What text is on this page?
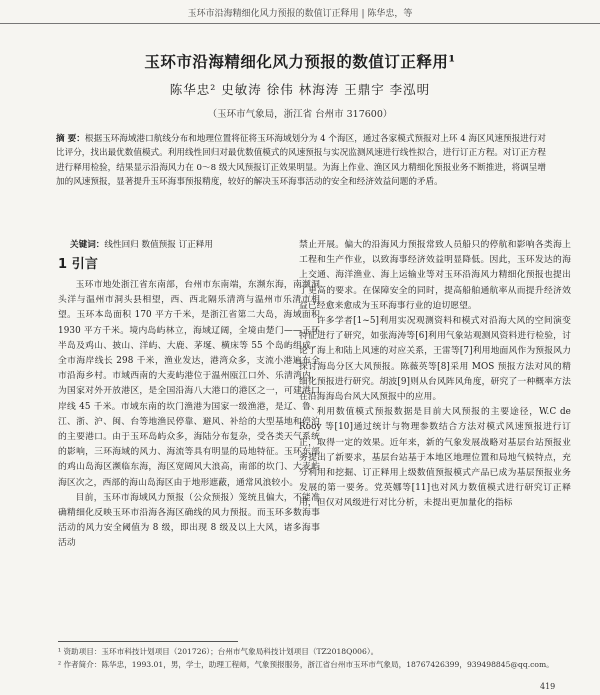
玉环市沿海精细化风力预报的数值订正释用 | 陈华忠，等
玉环市沿海精细化风力预报的数值订正释用¹
陈华忠² 史敏涛 徐伟 林海涛 王鼎宇 李泓明
（玉环市气象局，浙江省 台州市 317600）
摘 要：根据玉环海域港口航线分布和地理位置将征将玉环海域划分为 4 个海区，通过各家模式预报对上环 4 海区风速预报进行对比评分，找出最优数值模式。利用线性回归对最优数值模式的风速预报与实况监测风速进行线性拟合，进行订正方程。对订正方程进行释用检验，结果显示沿海风力在 0～8 级大风预报订正效果明显。为海上作业、渔区风力精细化预报业务不断推进，将调呈增加的风速预报，显著提升玉环海事预报精度，较好的解决玉环海事活动的安全和经济效益问题的矛盾。
关键词：线性回归 数值预报 订正释用
1 引言

玉环市地处浙江省东南部，台州市东南端，东濒东海，南濒洞头洋与温州市洞头县相望，西、西北隔乐清湾与温州市乐清市相望。玉环本岛面积 170 平方千米，是浙江省第二大岛，海域面积 1930 平方千米。境内岛屿林立，海域辽阔，全境由楚门——玉环半岛及鸡山、披山、洋屿、大鹿、茅埏、横床等 55 个岛屿组成，全市海岸线长 298 千米，渔业发达，港湾众多，支流小港遍布全市沿海乡村。市域西南的大麦屿港位于温州瓯江口外、乐清湾内，为国家对外开放港区，是全国沿海八大港口的港区之一，可建港口岸线 45 千米。市域东南的坎门渔港为国家一级渔港，是辽、鲁、江、浙、沪、闽、台等地渔民停靠、避风、补给的大型基地和停泊的主要港口。由于玉环岛屿众多，海陆分布复杂，受各类天气系统的影响，三环海域的风力、海流等具有明显的局地特征。玉环东部的鸡山岛海区濒临东海，海区宽阔风大浪高，南部的坎门、大麦屿海区次之，西部的海山岛海区由于地形遮蔽，通常风浪较小。

目前，玉环市海域风力预报（公众预报）笼统且偏大，不能准确精细化反映玉环市沿海各海区确线的风力预报。而玉环多数海事活动的风力安全阈值为 8 级，即出现 8 级及以上大风，诸多海事活动

禁止开展。偏大的沿海风力预报常致人员船只的停航和影响各类海上工程和生产作业，以致海事经济效益明显降低。因此，玉环发达的海上交通、海洋渔业、海上运输业等对玉环沿海风力精细化预报也提出了更高的要求。在保障安全的同时，提高船舶通航率从而提升经济效益已经愈来愈成为玉环海事行业的迫切愿望。

许多学者[1~5]利用实况观测资料和模式对沿海大风的空间演变特征进行了研究，如张海涛等[6]利用气象站观测风资料进行检验，讨论了海上和陆上风速的对应关系，王雷等[7]利用地面风作为预报风力探讨海岛分区大风预报。陈薇英等[8]采用 MOS 预报方法对风的精细化预报进行研究。胡波[9]则从台风阵风角度，研究了一种概率方法在沿海海岛台风大风预报中的应用。

利用数值模式预报数据是目前大风预报的主要途径，W.C de Rooy 等[10]通过统计与物理参数结合方法对模式风速预报进行订正，取得一定的效果。近年来，新的气象发展战略对基层台站预报业务提出了新要求，基层台站基于本地区地理位置和局地气候特点，充分利用和挖掘、订正释用上级数值预报模式产品已成为基层预报业务发展的第一要务。党英娜等[11]也对风力数值模式进行研究订正释用，但仅对风级进行对比分析，未提出更加量化的指标

¹ 资助项目：玉环市科技计划项目（201726）；台州市气象局科技计划项目（TZ2018Q006）。

² 作者简介：陈华忠，1993.01，男，学士，助理工程师，气象预报服务，浙江省台州市玉环市气象局，18767426399，939498845@qq.com。

419
